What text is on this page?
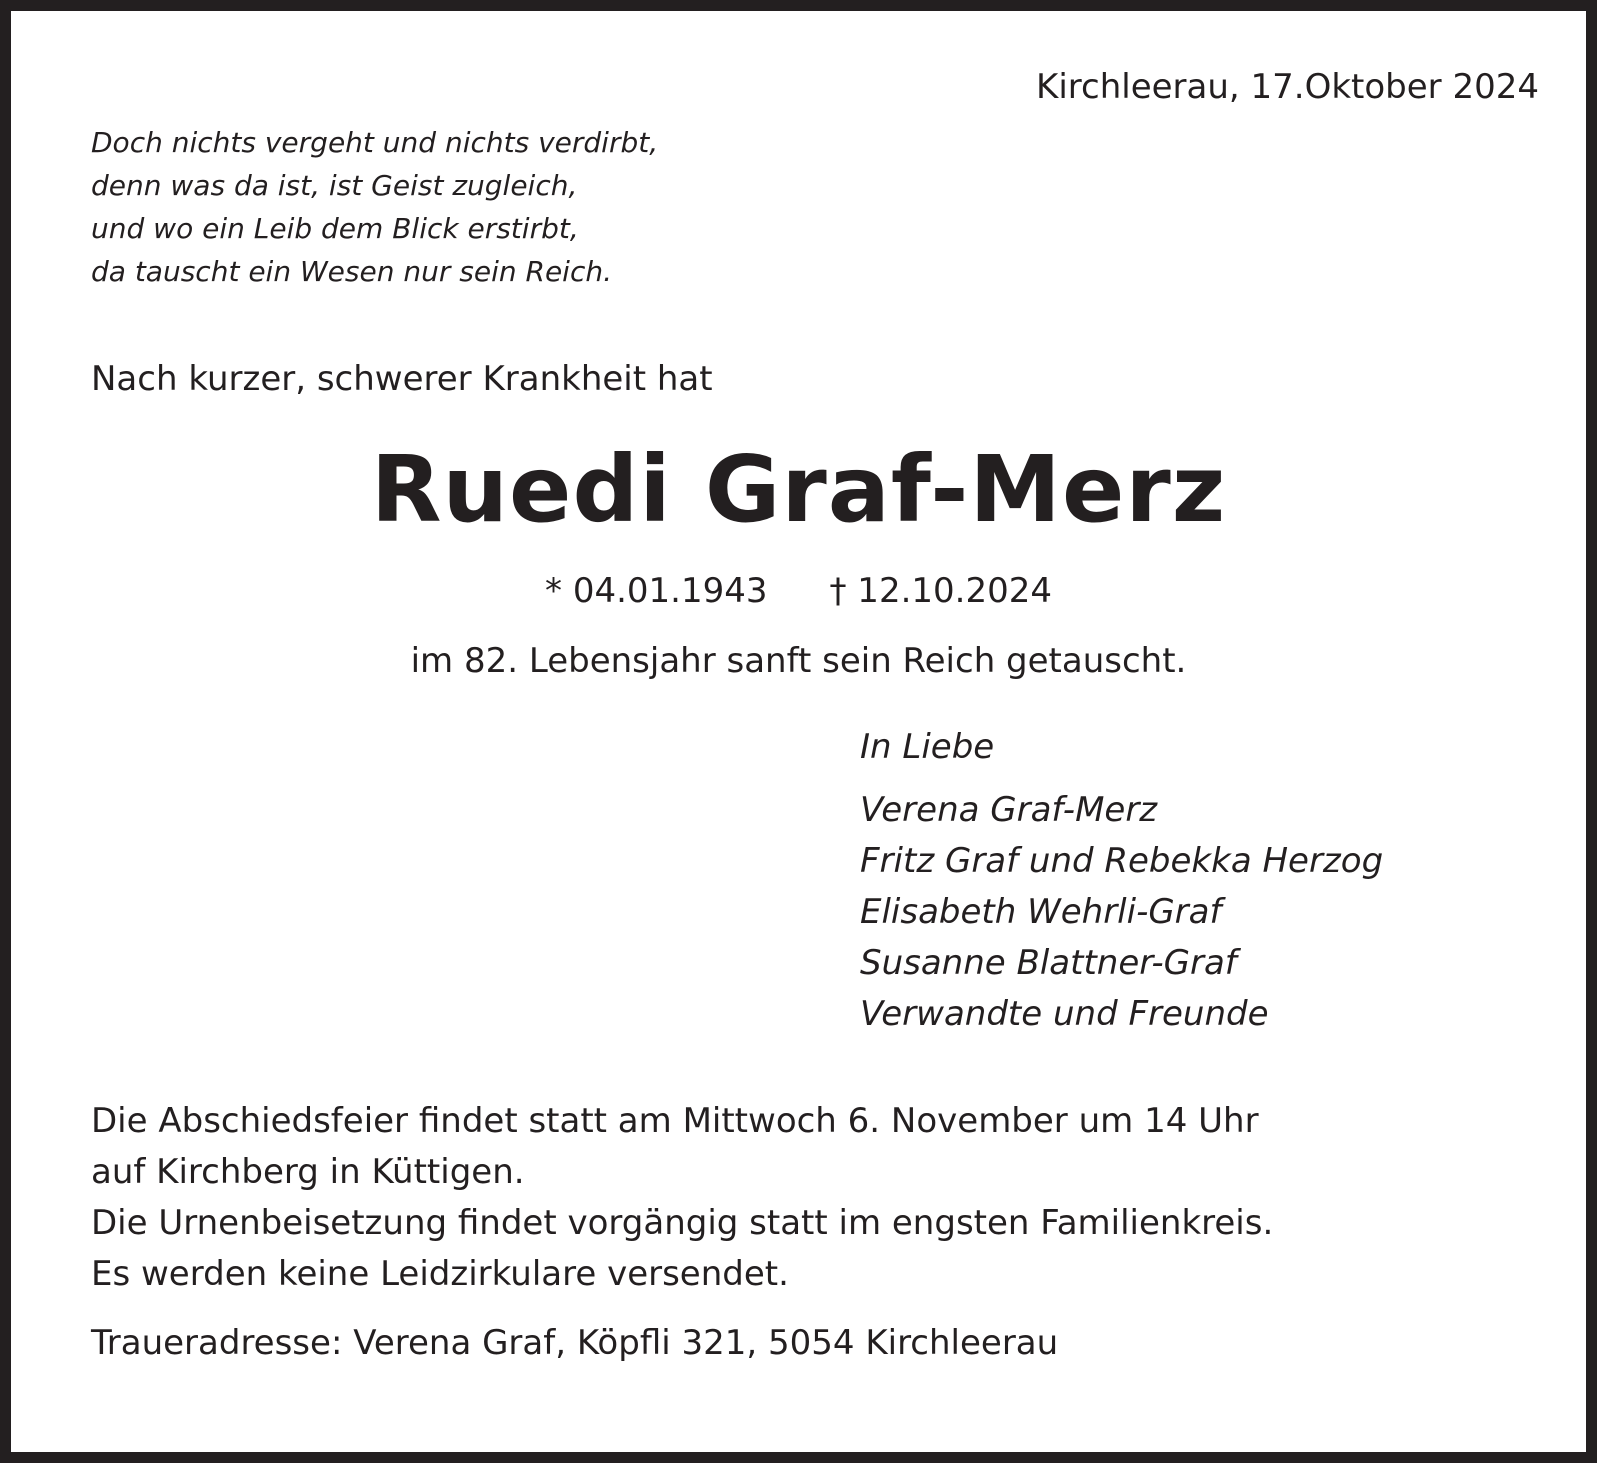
Kirchleerau, 17.Oktober 2024
Doch nichts vergeht und nichts verdirbt,
denn was da ist, ist Geist zugleich,
und wo ein Leib dem Blick erstirbt,
da tauscht ein Wesen nur sein Reich.
Nach kurzer, schwerer Krankheit hat
Ruedi Graf-Merz
* 04.01.1943 † 12.10.2024
im 82. Lebensjahr sanft sein Reich getauscht.
In Liebe
Verena Graf-Merz
Fritz Graf und Rebekka Herzog
Elisabeth Wehrli-Graf
Susanne Blattner-Graf
Verwandte und Freunde
Die Abschiedsfeier findet statt am Mittwoch 6. November um 14 Uhr
auf Kirchberg in Küttigen.
Die Urnenbeisetzung findet vorgängig statt im engsten Familienkreis.
Es werden keine Leidzirkulare versendet.
Traueradresse: Verena Graf, Köpfli 321, 5054 Kirchleerau
